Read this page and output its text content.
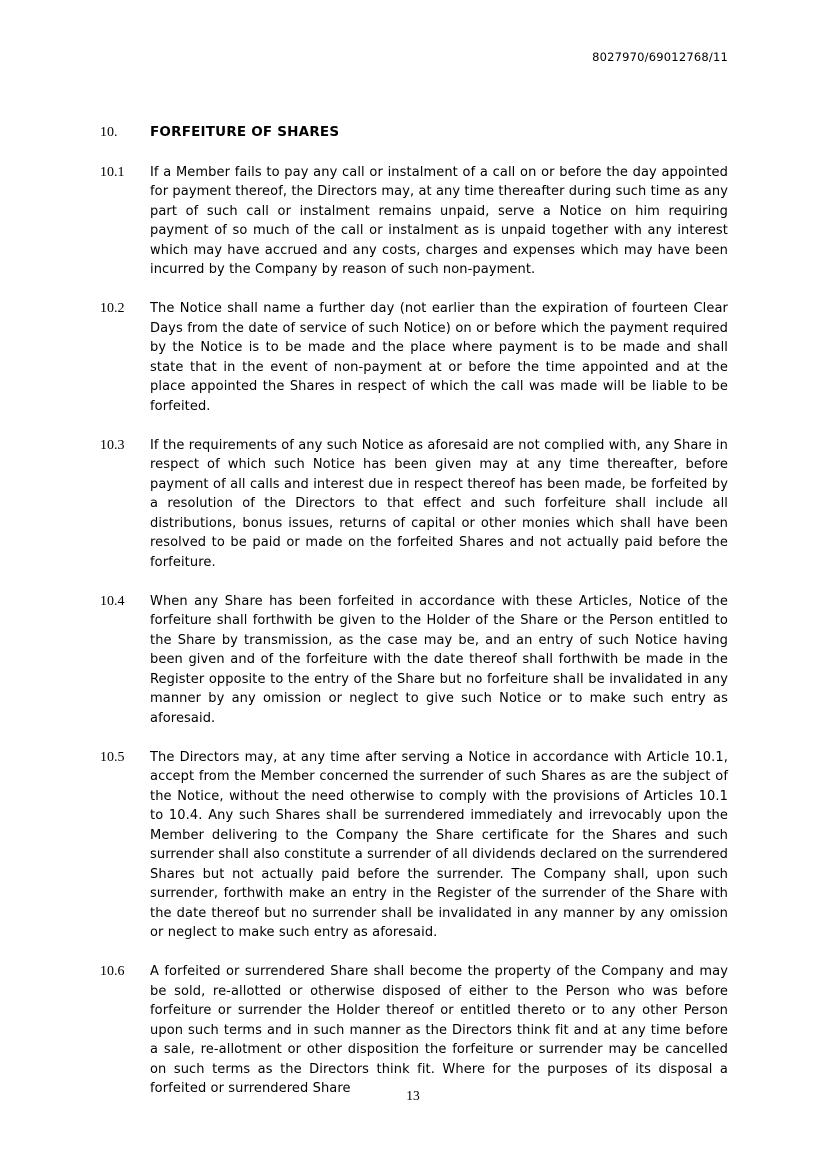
8027970/69012768/11
10.	FORFEITURE OF SHARES
10.1	If a Member fails to pay any call or instalment of a call on or before the day appointed for payment thereof, the Directors may, at any time thereafter during such time as any part of such call or instalment remains unpaid, serve a Notice on him requiring payment of so much of the call or instalment as is unpaid together with any interest which may have accrued and any costs, charges and expenses which may have been incurred by the Company by reason of such non-payment.
10.2	The Notice shall name a further day (not earlier than the expiration of fourteen Clear Days from the date of service of such Notice) on or before which the payment required by the Notice is to be made and the place where payment is to be made and shall state that in the event of non-payment at or before the time appointed and at the place appointed the Shares in respect of which the call was made will be liable to be forfeited.
10.3	If the requirements of any such Notice as aforesaid are not complied with, any Share in respect of which such Notice has been given may at any time thereafter, before payment of all calls and interest due in respect thereof has been made, be forfeited by a resolution of the Directors to that effect and such forfeiture shall include all distributions, bonus issues, returns of capital or other monies which shall have been resolved to be paid or made on the forfeited Shares and not actually paid before the forfeiture.
10.4	When any Share has been forfeited in accordance with these Articles, Notice of the forfeiture shall forthwith be given to the Holder of the Share or the Person entitled to the Share by transmission, as the case may be, and an entry of such Notice having been given and of the forfeiture with the date thereof shall forthwith be made in the Register opposite to the entry of the Share but no forfeiture shall be invalidated in any manner by any omission or neglect to give such Notice or to make such entry as aforesaid.
10.5	The Directors may, at any time after serving a Notice in accordance with Article 10.1, accept from the Member concerned the surrender of such Shares as are the subject of the Notice, without the need otherwise to comply with the provisions of Articles 10.1 to 10.4. Any such Shares shall be surrendered immediately and irrevocably upon the Member delivering to the Company the Share certificate for the Shares and such surrender shall also constitute a surrender of all dividends declared on the surrendered Shares but not actually paid before the surrender. The Company shall, upon such surrender, forthwith make an entry in the Register of the surrender of the Share with the date thereof but no surrender shall be invalidated in any manner by any omission or neglect to make such entry as aforesaid.
10.6	A forfeited or surrendered Share shall become the property of the Company and may be sold, re-allotted or otherwise disposed of either to the Person who was before forfeiture or surrender the Holder thereof or entitled thereto or to any other Person upon such terms and in such manner as the Directors think fit and at any time before a sale, re-allotment or other disposition the forfeiture or surrender may be cancelled on such terms as the Directors think fit. Where for the purposes of its disposal a forfeited or surrendered Share	13
